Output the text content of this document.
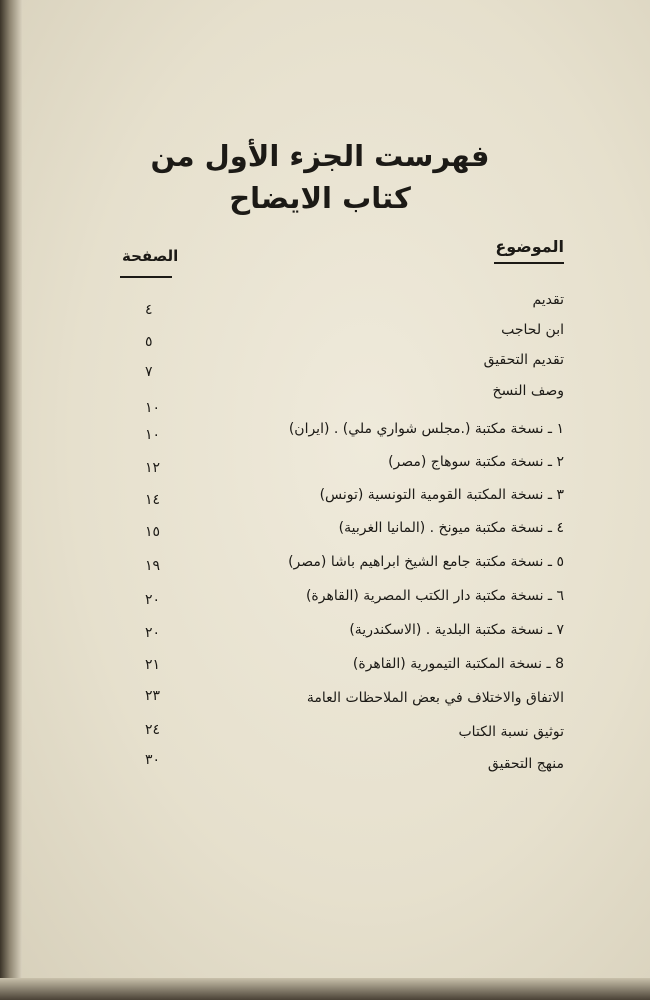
فهرست الجزء الأول من كتاب الايضاح
الموضوع
الصفحة
تقديم
٤
ابن لحاجب
٥
تقديم التحقيق
٧
وصف النسخ
١٠
١ ـ نسخة مكتبة (.مجلس شواري ملي) . (ايران)
١٠
٢ ـ نسخة مكتبة سوهاج (مصر)
١٢
٣ ـ نسخة المكتبة القومية التونسية (تونس)
١٤
٤ ـ نسخة مكتبة ميونخ . (المانيا الغربية)
١٥
٥ ـ نسخة مكتبة جامع الشيخ ابراهيم باشا (مصر)
١٩
٦ ـ نسخة مكتبة دار الكتب المصرية (القاهرة)
٢٠
٧ ـ نسخة مكتبة البلدية . (الاسكندرية)
٢٠
8 ـ نسخة المكتبة التيمورية (القاهرة)
٢١
الاتفاق والاختلاف في بعض الملاحظات العامة
٢٣
توثيق نسبة الكتاب
٢٤
منهج التحقيق
٣٠
